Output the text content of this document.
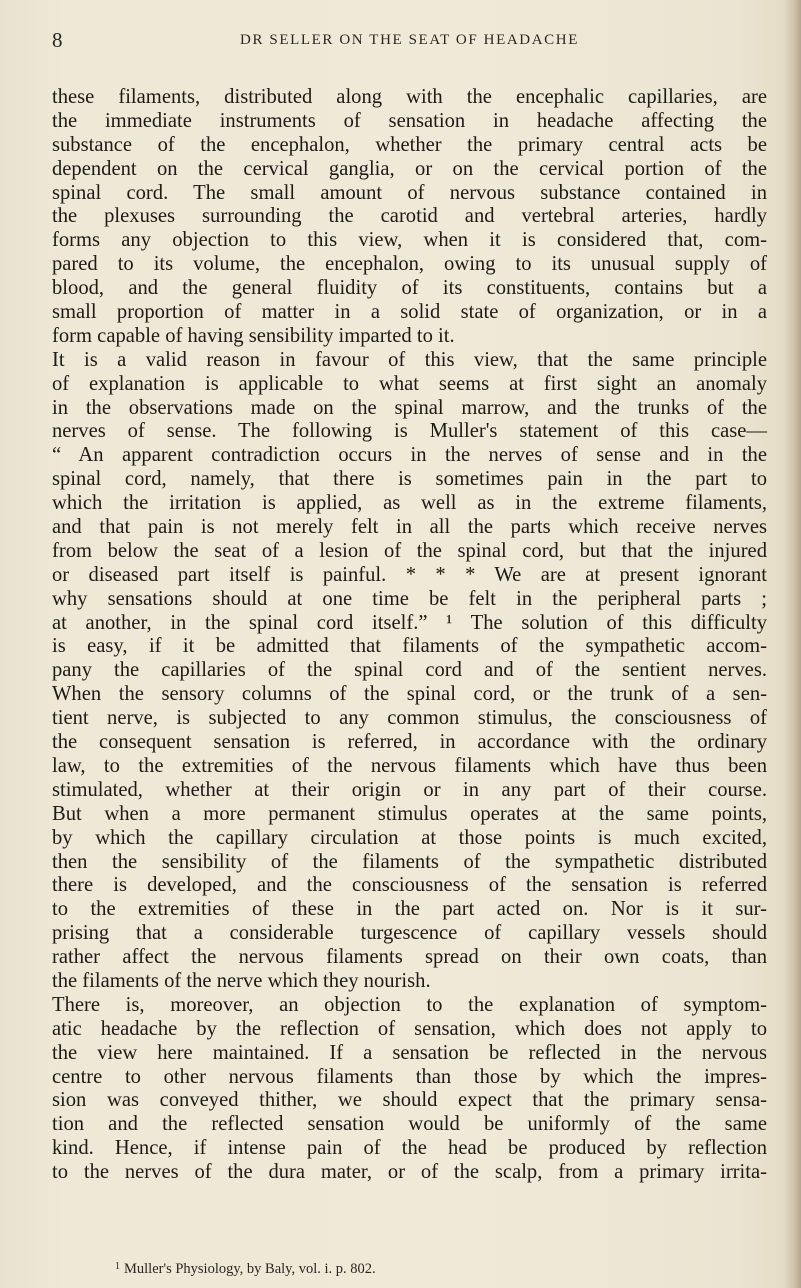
8	DR SELLER ON THE SEAT OF HEADACHE
these filaments, distributed along with the encephalic capillaries, are
the immediate instruments of sensation in headache affecting the
substance of the encephalon, whether the primary central acts be
dependent on the cervical ganglia, or on the cervical portion of the
spinal cord. The small amount of nervous substance contained in
the plexuses surrounding the carotid and vertebral arteries, hardly
forms any objection to this view, when it is considered that, com-
pared to its volume, the encephalon, owing to its unusual supply of
blood, and the general fluidity of its constituents, contains but a
small proportion of matter in a solid state of organization, or in a
form capable of having sensibility imparted to it.
It is a valid reason in favour of this view, that the same principle
of explanation is applicable to what seems at first sight an anomaly
in the observations made on the spinal marrow, and the trunks of the
nerves of sense. The following is Muller's statement of this case—
“ An apparent contradiction occurs in the nerves of sense and in the
spinal cord, namely, that there is sometimes pain in the part to
which the irritation is applied, as well as in the extreme filaments,
and that pain is not merely felt in all the parts which receive nerves
from below the seat of a lesion of the spinal cord, but that the injured
or diseased part itself is painful. * * * We are at present ignorant
why sensations should at one time be felt in the peripheral parts ;
at another, in the spinal cord itself.” ¹ The solution of this difficulty
is easy, if it be admitted that filaments of the sympathetic accom-
pany the capillaries of the spinal cord and of the sentient nerves.
When the sensory columns of the spinal cord, or the trunk of a sen-
tient nerve, is subjected to any common stimulus, the consciousness of
the consequent sensation is referred, in accordance with the ordinary
law, to the extremities of the nervous filaments which have thus been
stimulated, whether at their origin or in any part of their course.
But when a more permanent stimulus operates at the same points,
by which the capillary circulation at those points is much excited,
then the sensibility of the filaments of the sympathetic distributed
there is developed, and the consciousness of the sensation is referred
to the extremities of these in the part acted on. Nor is it sur-
prising that a considerable turgescence of capillary vessels should
rather affect the nervous filaments spread on their own coats, than
the filaments of the nerve which they nourish.
There is, moreover, an objection to the explanation of symptom-
atic headache by the reflection of sensation, which does not apply to
the view here maintained. If a sensation be reflected in the nervous
centre to other nervous filaments than those by which the impres-
sion was conveyed thither, we should expect that the primary sensa-
tion and the reflected sensation would be uniformly of the same
kind. Hence, if intense pain of the head be produced by reflection
to the nerves of the dura mater, or of the scalp, from a primary irrita-
$^1$ Muller's Physiology, by Baly, vol. i. p. 802.
